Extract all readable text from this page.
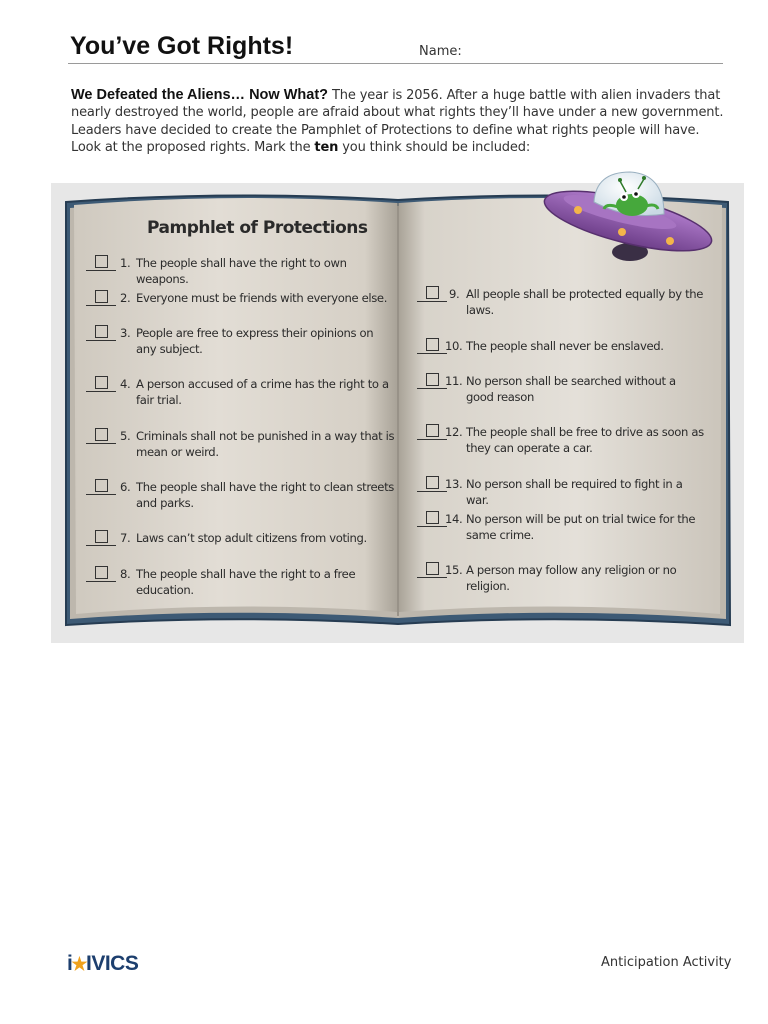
You’ve Got Rights!	Name:

We Defeated the Aliens… Now What? The year is 2056. After a huge battle with alien invaders that nearly destroyed the world, people are afraid about what rights they’ll have under a new government. Leaders have decided to create the Pamphlet of Protections to define what rights people will have. Look at the proposed rights. Mark the ten you think should be included:

Pamphlet of Protections
1. The people shall have the right to own weapons.
2. Everyone must be friends with everyone else.
3. People are free to express their opinions on any subject.
4. A person accused of a crime has the right to a fair trial.
5. Criminals shall not be punished in a way that is mean or weird.
6. The people shall have the right to clean streets and parks.
7. Laws can’t stop adult citizens from voting.
8. The people shall have the right to a free education.
9. All people shall be protected equally by the laws.
10. The people shall never be enslaved.
11. No person shall be searched without a good reason
12. The people shall be free to drive as soon as they can operate a car.
13. No person shall be required to fight in a war.
14. No person will be put on trial twice for the same crime.
15. A person may follow any religion or no religion.
i ★ IVICS	Anticipation Activity
